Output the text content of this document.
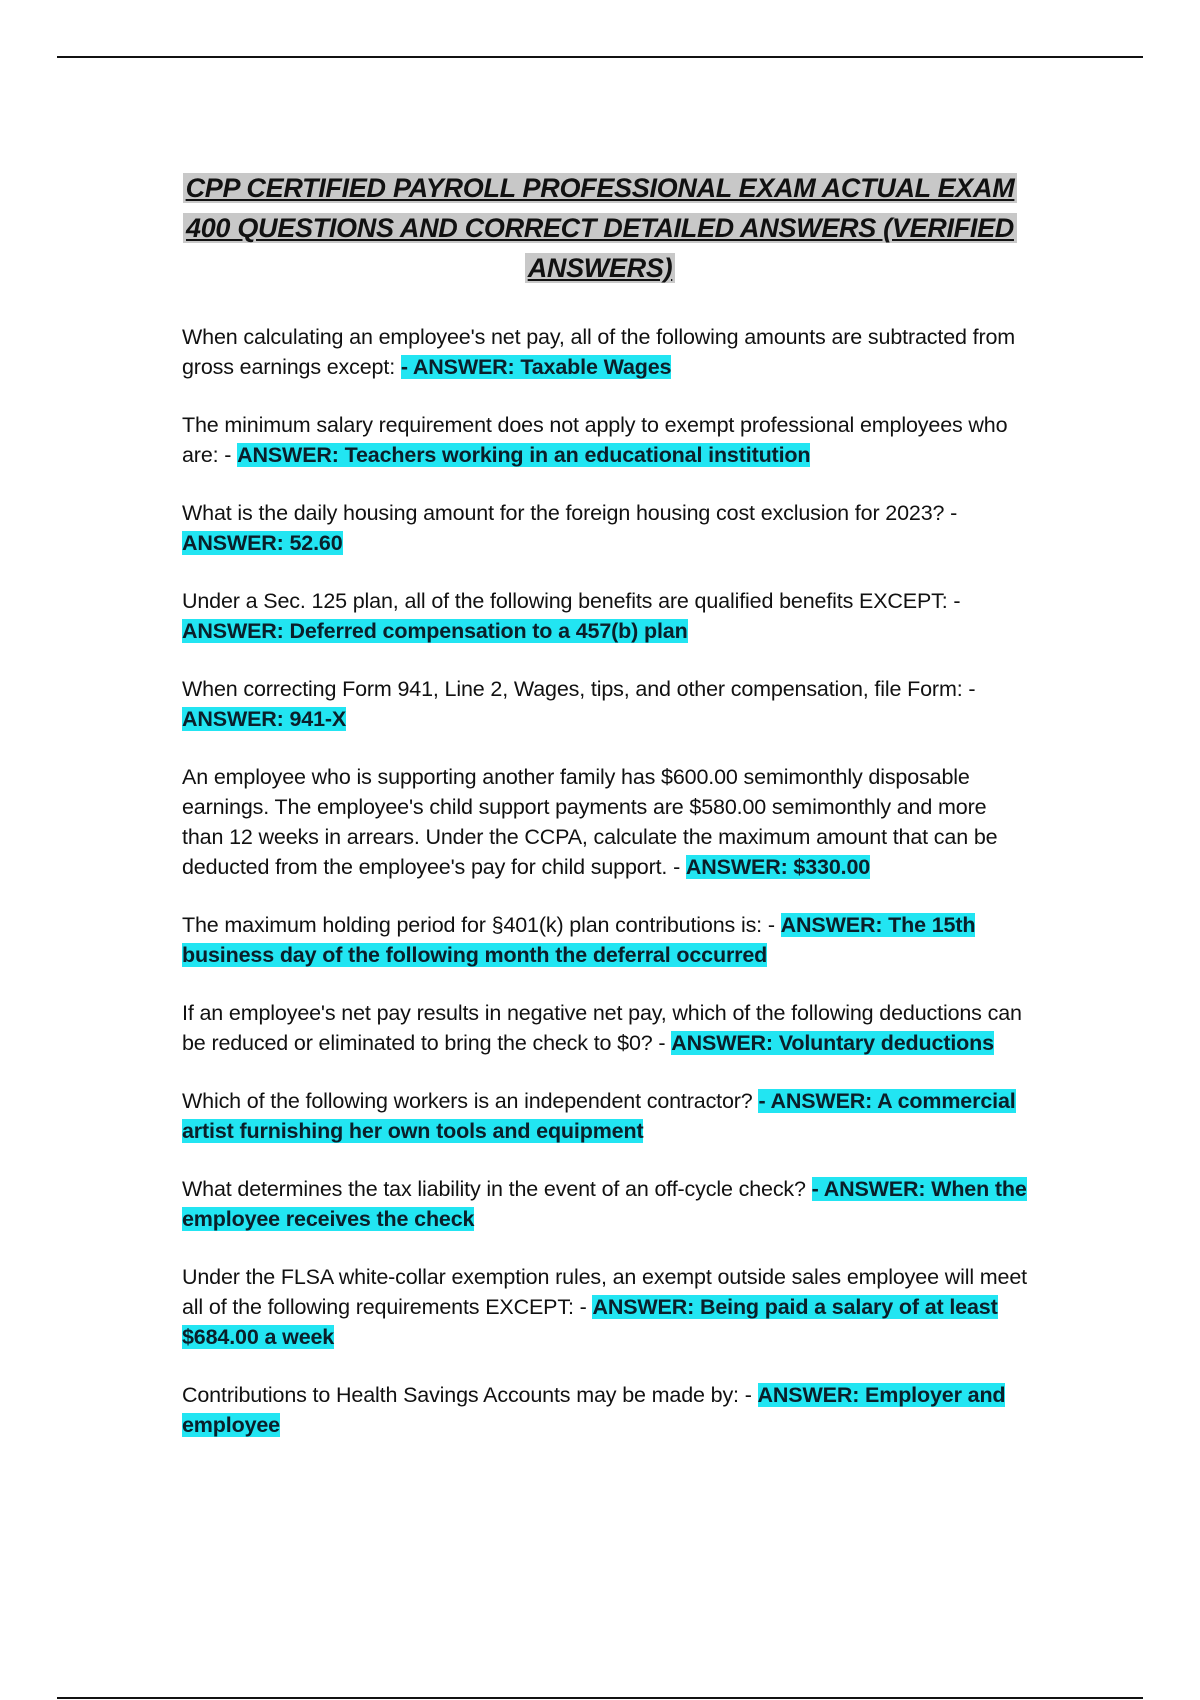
CPP CERTIFIED PAYROLL PROFESSIONAL EXAM ACTUAL EXAM
400 QUESTIONS AND CORRECT DETAILED ANSWERS (VERIFIED
ANSWERS)
When calculating an employee's net pay, all of the following amounts are subtracted from gross earnings except: - ANSWER: Taxable Wages
The minimum salary requirement does not apply to exempt professional employees who are: - ANSWER: Teachers working in an educational institution
What is the daily housing amount for the foreign housing cost exclusion for 2023? - ANSWER: 52.60
Under a Sec. 125 plan, all of the following benefits are qualified benefits EXCEPT: - ANSWER: Deferred compensation to a 457(b) plan
When correcting Form 941, Line 2, Wages, tips, and other compensation, file Form: - ANSWER: 941-X
An employee who is supporting another family has $600.00 semimonthly disposable earnings. The employee's child support payments are $580.00 semimonthly and more than 12 weeks in arrears. Under the CCPA, calculate the maximum amount that can be deducted from the employee's pay for child support. - ANSWER: $330.00
The maximum holding period for §401(k) plan contributions is: - ANSWER: The 15th business day of the following month the deferral occurred
If an employee's net pay results in negative net pay, which of the following deductions can be reduced or eliminated to bring the check to $0? - ANSWER: Voluntary deductions
Which of the following workers is an independent contractor? - ANSWER: A commercial artist furnishing her own tools and equipment
What determines the tax liability in the event of an off-cycle check? - ANSWER: When the employee receives the check
Under the FLSA white-collar exemption rules, an exempt outside sales employee will meet all of the following requirements EXCEPT: - ANSWER: Being paid a salary of at least $684.00 a week
Contributions to Health Savings Accounts may be made by: - ANSWER: Employer and employee
